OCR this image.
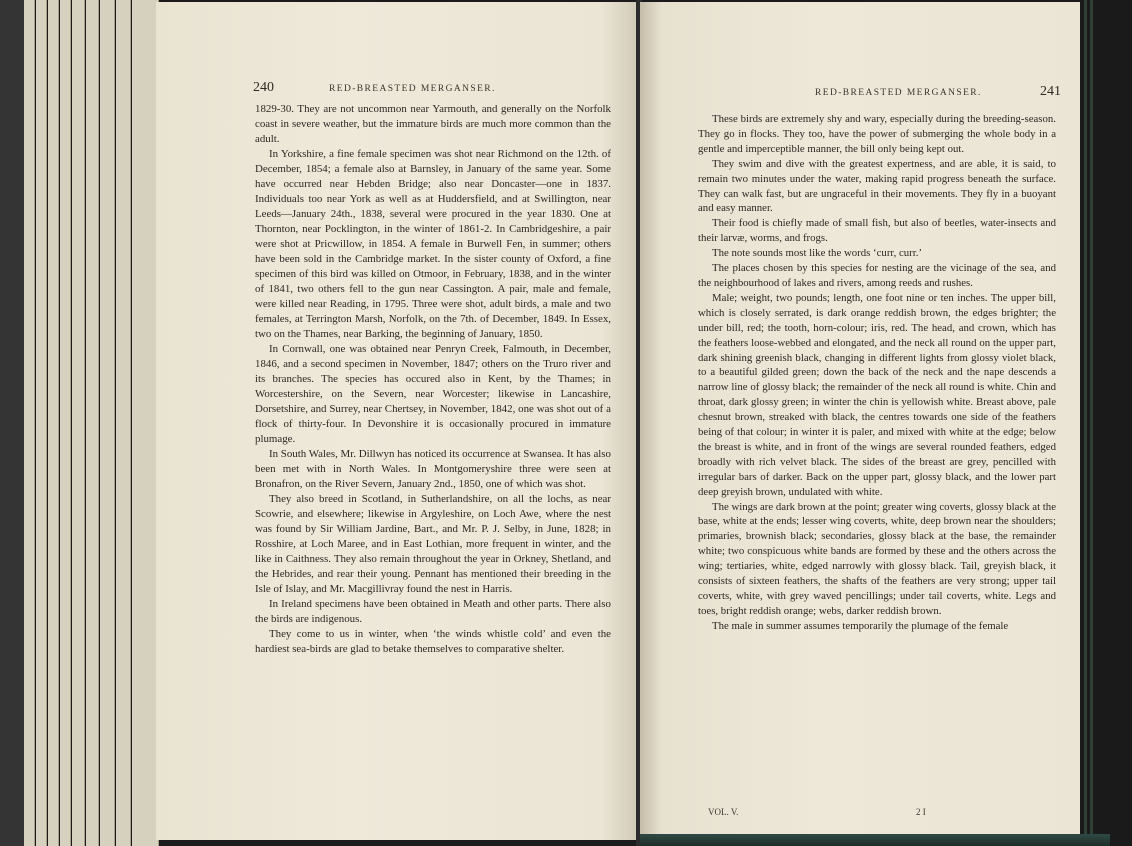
240	RED-BREASTED MERGANSER.

1829-30. They are not uncommon near Yarmouth, and generally on the Norfolk coast in severe weather, but the immature birds are much more common than the adult.

In Yorkshire, a fine female specimen was shot near Richmond on the 12th. of December, 1854; a female also at Barnsley, in January of the same year. Some have occurred near Hebden Bridge; also near Doncaster—one in 1837. Individuals too near York as well as at Huddersfield, and at Swillington, near Leeds—January 24th., 1838, several were procured in the year 1830. One at Thornton, near Pocklington, in the winter of 1861-2. In Cambridgeshire, a pair were shot at Pricwillow, in 1854. A female in Burwell Fen, in summer; others have been sold in the Cambridge market. In the sister county of Oxford, a fine specimen of this bird was killed on Otmoor, in February, 1838, and in the winter of 1841, two others fell to the gun near Cassington. A pair, male and female, were killed near Reading, in 1795. Three were shot, adult birds, a male and two females, at Terrington Marsh, Norfolk, on the 7th. of December, 1849. In Essex, two on the Thames, near Barking, the beginning of January, 1850.

In Cornwall, one was obtained near Penryn Creek, Falmouth, in December, 1846, and a second specimen in November, 1847; others on the Truro river and its branches. The species has occured also in Kent, by the Thames; in Worcestershire, on the Severn, near Worcester; likewise in Lancashire, Dorsetshire, and Surrey, near Chertsey, in November, 1842, one was shot out of a flock of thirty-four. In Devonshire it is occasionally procured in immature plumage.

In South Wales, Mr. Dillwyn has noticed its occurrence at Swansea. It has also been met with in North Wales. In Montgomeryshire three were seen at Bronafron, on the River Severn, January 2nd., 1850, one of which was shot.

They also breed in Scotland, in Sutherlandshire, on all the lochs, as near Scowrie, and elsewhere; likewise in Argyleshire, on Loch Awe, where the nest was found by Sir William Jardine, Bart., and Mr. P. J. Selby, in June, 1828; in Rosshire, at Loch Maree, and in East Lothian, more frequent in winter, and the like in Caithness. They also remain throughout the year in Orkney, Shetland, and the Hebrides, and rear their young. Pennant has mentioned their breeding in the Isle of Islay, and Mr. Macgillivray found the nest in Harris.

In Ireland specimens have been obtained in Meath and other parts. There also the birds are indigenous.

They come to us in winter, when ‘the winds whistle cold’ and even the hardiest sea-birds are glad to betake themselves to comparative shelter.

RED-BREASTED MERGANSER.	241

These birds are extremely shy and wary, especially during the breeding-season. They go in flocks. They too, have the power of submerging the whole body in a gentle and imperceptible manner, the bill only being kept out.

They swim and dive with the greatest expertness, and are able, it is said, to remain two minutes under the water, making rapid progress beneath the surface. They can walk fast, but are ungraceful in their movements. They fly in a buoyant and easy manner.

Their food is chiefly made of small fish, but also of beetles, water-insects and their larvæ, worms, and frogs.

The note sounds most like the words ‘curr, curr.’

The places chosen by this species for nesting are the vicinage of the sea, and the neighbourhood of lakes and rivers, among reeds and rushes.

Male; weight, two pounds; length, one foot nine or ten inches. The upper bill, which is closely serrated, is dark orange reddish brown, the edges brighter; the under bill, red; the tooth, horn-colour; iris, red. The head, and crown, which has the feathers loose-webbed and elongated, and the neck all round on the upper part, dark shining greenish black, changing in different lights from glossy violet black, to a beautiful gilded green; down the back of the neck and the nape descends a narrow line of glossy black; the remainder of the neck all round is white. Chin and throat, dark glossy green; in winter the chin is yellowish white. Breast above, pale chesnut brown, streaked with black, the centres towards one side of the feathers being of that colour; in winter it is paler, and mixed with white at the edge; below the breast is white, and in front of the wings are several rounded feathers, edged broadly with rich velvet black. The sides of the breast are grey, pencilled with irregular bars of darker. Back on the upper part, glossy black, and the lower part deep greyish brown, undulated with white.

The wings are dark brown at the point; greater wing coverts, glossy black at the base, white at the ends; lesser wing coverts, white, deep brown near the shoulders; primaries, brownish black; secondaries, glossy black at the base, the remainder white; two conspicuous white bands are formed by these and the others across the wing; tertiaries, white, edged narrowly with glossy black. Tail, greyish black, it consists of sixteen feathers, the shafts of the feathers are very strong; upper tail coverts, white, with grey waved pencillings; under tail coverts, white. Legs and toes, bright reddish orange; webs, darker reddish brown.

The male in summer assumes temporarily the plumage of the female

VOL. V.	2 I
